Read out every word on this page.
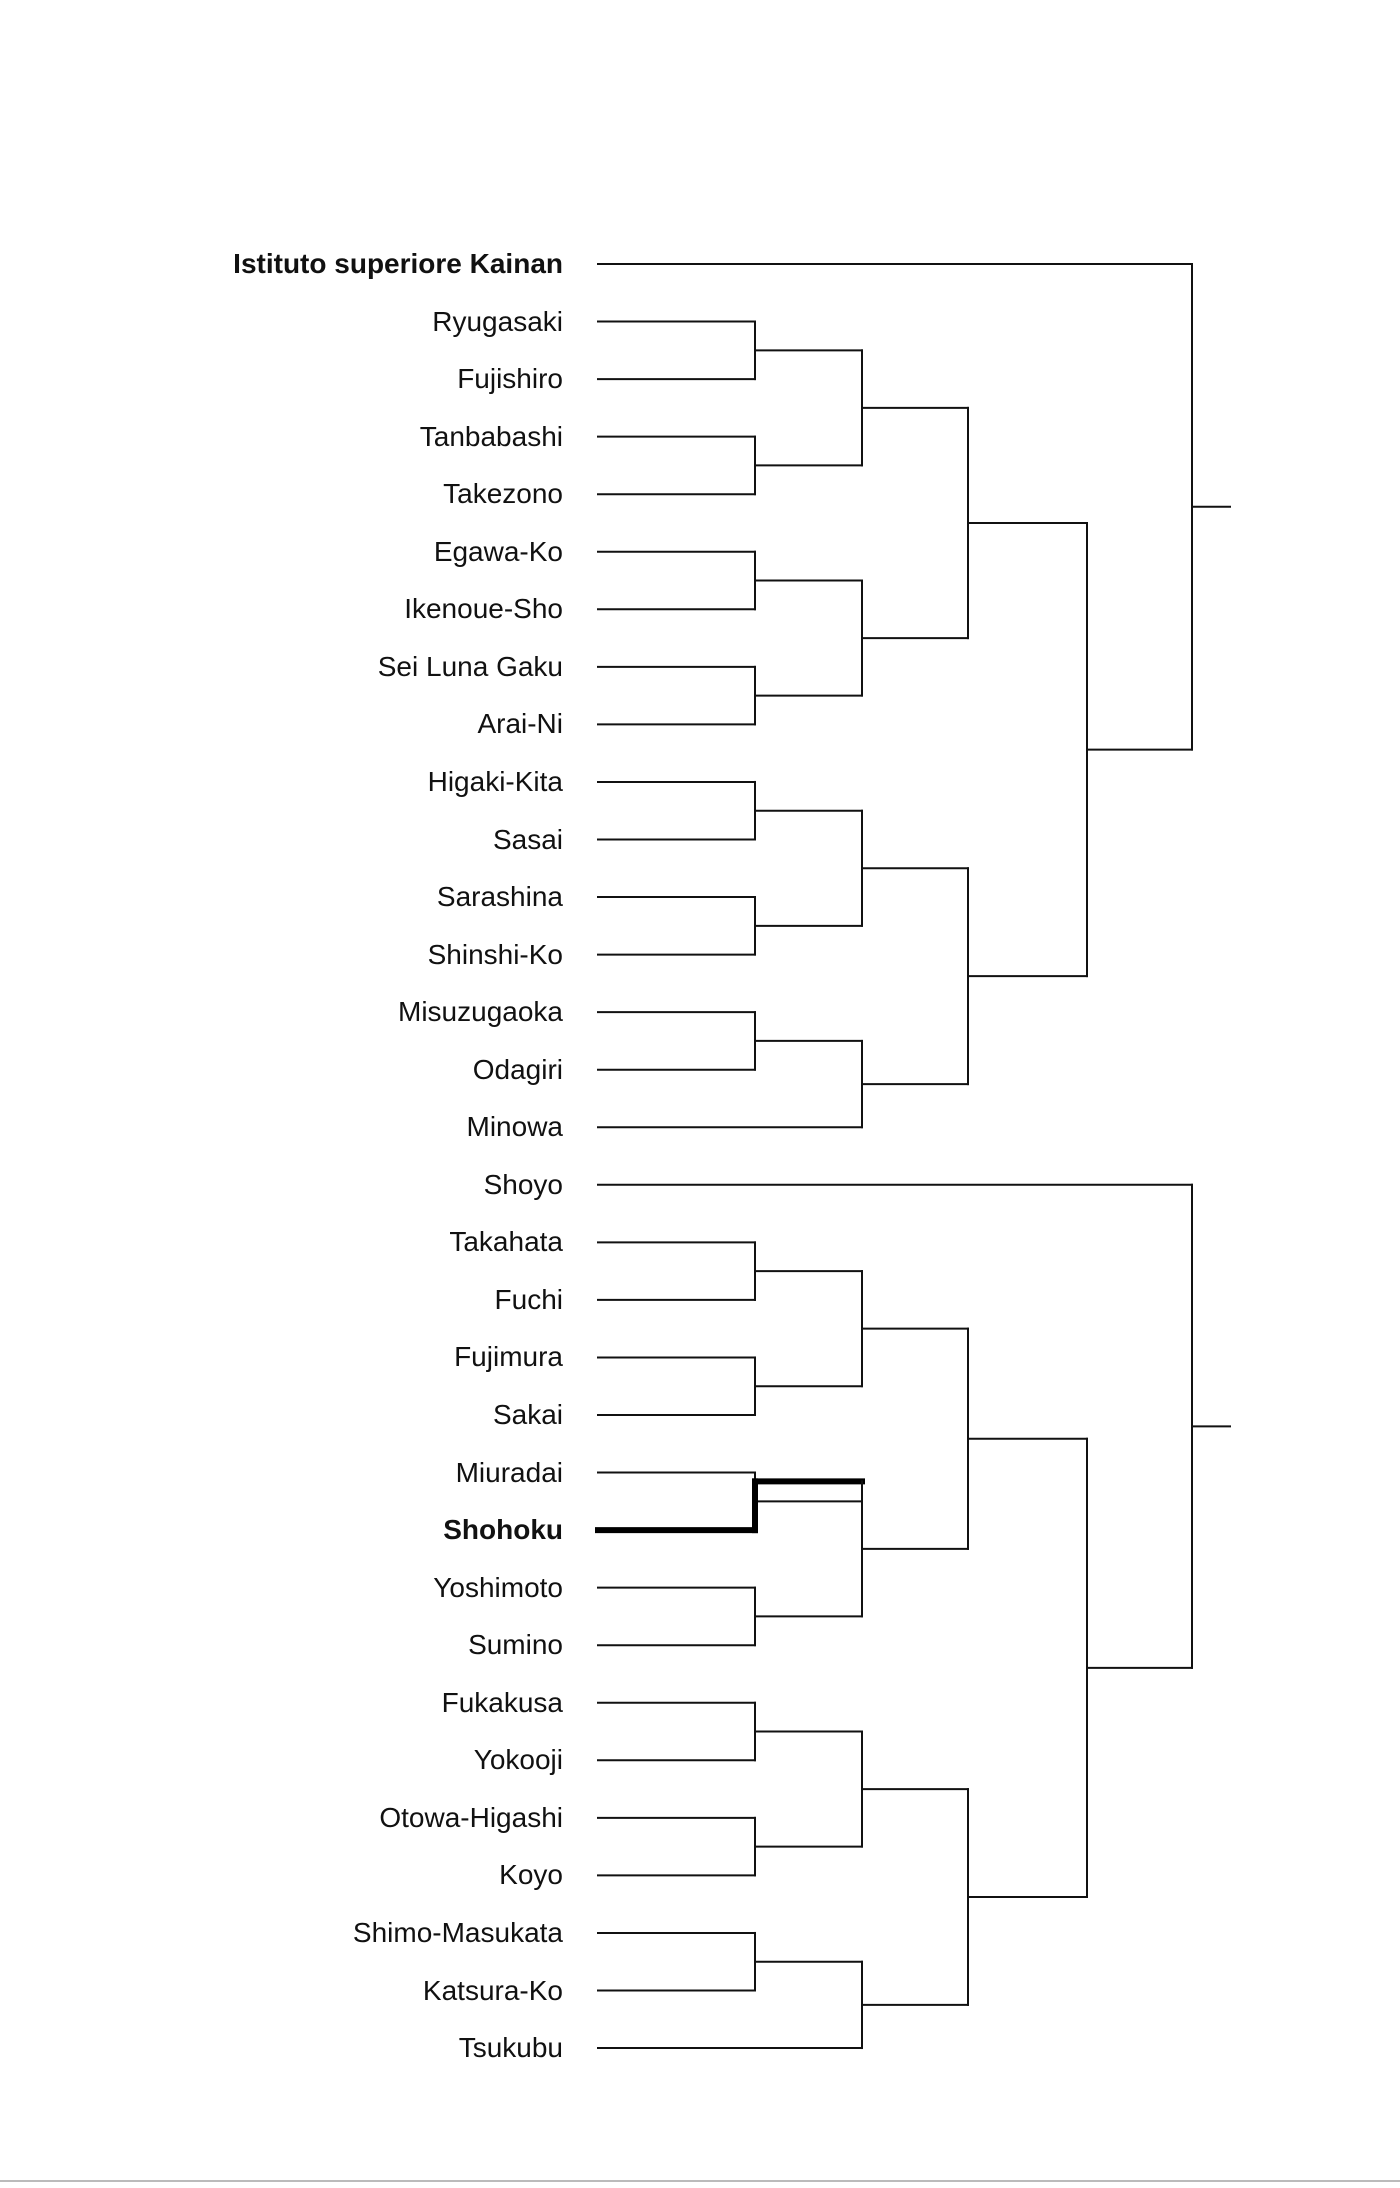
Istituto superiore Kainan
Ryugasaki
Fujishiro
Tanbabashi
Takezono
Egawa-Ko
Ikenoue-Sho
Sei Luna Gaku
Arai-Ni
Higaki-Kita
Sasai
Sarashina
Shinshi-Ko
Misuzugaoka
Odagiri
Minowa
Shoyo
Takahata
Fuchi
Fujimura
Sakai
Miuradai
Shohoku
Yoshimoto
Sumino
Fukakusa
Yokooji
Otowa-Higashi
Koyo
Shimo-Masukata
Katsura-Ko
Tsukubu
